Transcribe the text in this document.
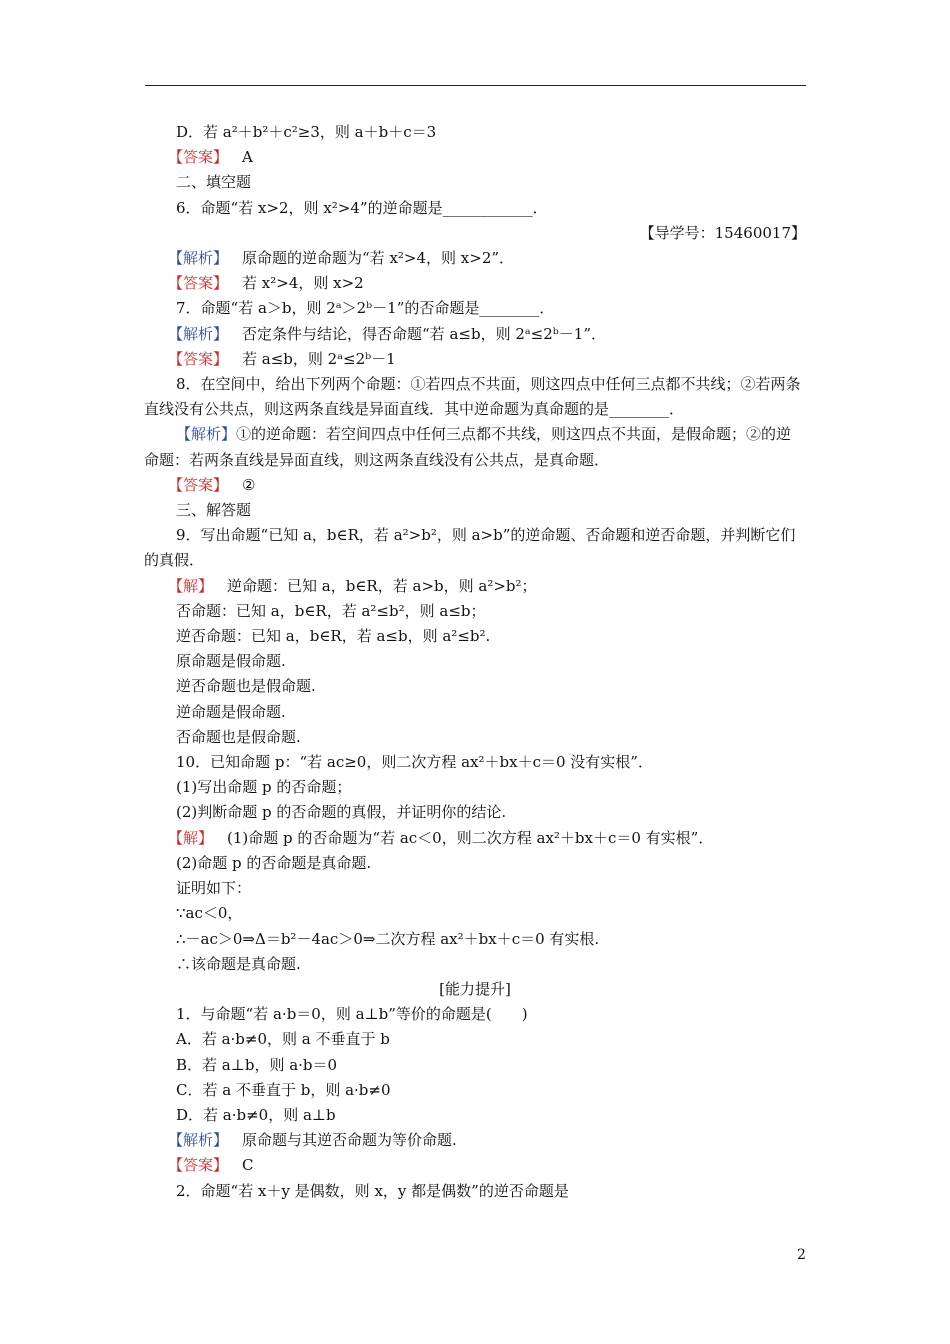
D．若 a²＋b²＋c²≥3，则 a＋b＋c＝3
【答案】 A
二、填空题
6．命题“若 x>2，则 x²>4”的逆命题是____________．
【导学号：15460017】
【解析】 原命题的逆命题为“若 x²>4，则 x>2”．
【答案】 若 x²>4，则 x>2
7．命题“若 a＞b，则 2ᵃ＞2ᵇ－1”的否命题是________．
【解析】 否定条件与结论，得否命题“若 a≤b，则 2ᵃ≤2ᵇ－1”．
【答案】 若 a≤b，则 2ᵃ≤2ᵇ－1
8．在空间中，给出下列两个命题：①若四点不共面，则这四点中任何三点都不共线；②若两条直线没有公共点，则这两条直线是异面直线．其中逆命题为真命题的是________．
【解析】①的逆命题：若空间四点中任何三点都不共线，则这四点不共面，是假命题；②的逆命题：若两条直线是异面直线，则这两条直线没有公共点，是真命题．
【答案】 ②
三、解答题
9．写出命题“已知 a，b∈R，若 a²>b²，则 a>b”的逆命题、否命题和逆否命题，并判断它们的真假．
【解】 逆命题：已知 a，b∈R，若 a>b，则 a²>b²；
否命题：已知 a，b∈R，若 a²≤b²，则 a≤b；
逆否命题：已知 a，b∈R，若 a≤b，则 a²≤b².
原命题是假命题.
逆否命题也是假命题.
逆命题是假命题.
否命题也是假命题.
10．已知命题 p：“若 ac≥0，则二次方程 ax²＋bx＋c＝0 没有实根”．
(1)写出命题 p 的否命题；
(2)判断命题 p 的否命题的真假，并证明你的结论.
【解】 (1)命题 p 的否命题为“若 ac＜0，则二次方程 ax²＋bx＋c＝0 有实根”．
(2)命题 p 的否命题是真命题.
证明如下：
∵ac＜0，
∴－ac＞0⇒Δ＝b²－4ac＞0⇒二次方程 ax²＋bx＋c＝0 有实根.
∴该命题是真命题.
[能力提升]
1．与命题“若 a·b＝0，则 a⊥b”等价的命题是(　　)
A．若 a·b≠0，则 a 不垂直于 b
B．若 a⊥b，则 a·b＝0
C．若 a 不垂直于 b，则 a·b≠0
D．若 a·b≠0，则 a⊥b
【解析】 原命题与其逆否命题为等价命题.
【答案】 C
2．命题“若 x＋y 是偶数，则 x，y 都是偶数”的逆否命题是
2
